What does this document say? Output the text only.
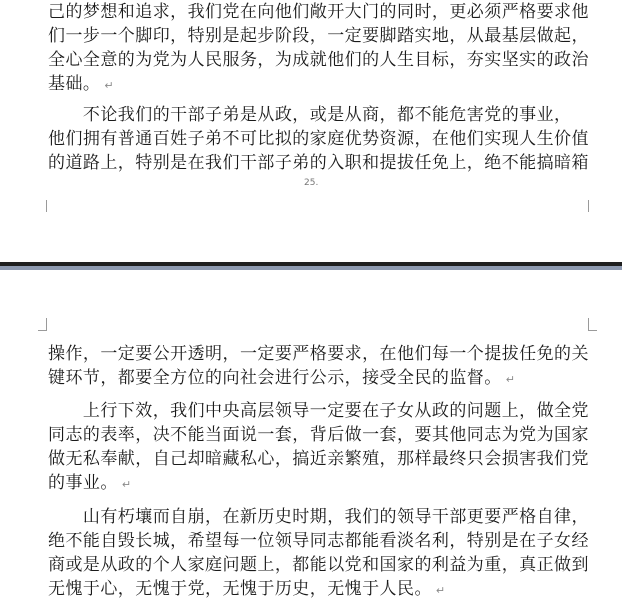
己的梦想和追求，我们党在向他们敞开大门的同时，更必须严格要求他
们一步一个脚印，特别是起步阶段，一定要脚踏实地，从最基层做起，
全心全意的为党为人民服务，为成就他们的人生目标，夯实坚实的政治
基础。 ↵
　　不论我们的干部子弟是从政，或是从商，都不能危害党的事业，
他们拥有普通百姓子弟不可比拟的家庭优势资源，在他们实现人生价值
的道路上，特别是在我们干部子弟的入职和提拔任免上，绝不能搞暗箱
25.
操作，一定要公开透明，一定要严格要求，在他们每一个提拔任免的关
键环节，都要全方位的向社会进行公示，接受全民的监督。 ↵
　　上行下效，我们中央高层领导一定要在子女从政的问题上，做全党
同志的表率，决不能当面说一套，背后做一套，要其他同志为党为国家
做无私奉献，自己却暗藏私心，搞近亲繁殖，那样最终只会损害我们党
的事业。 ↵
　　山有朽壤而自崩，在新历史时期，我们的领导干部更要严格自律，
绝不能自毁长城，希望每一位领导同志都能看淡名利，特别是在子女经
商或是从政的个人家庭问题上，都能以党和国家的利益为重，真正做到
无愧于心，无愧于党，无愧于历史，无愧于人民。 ↵
